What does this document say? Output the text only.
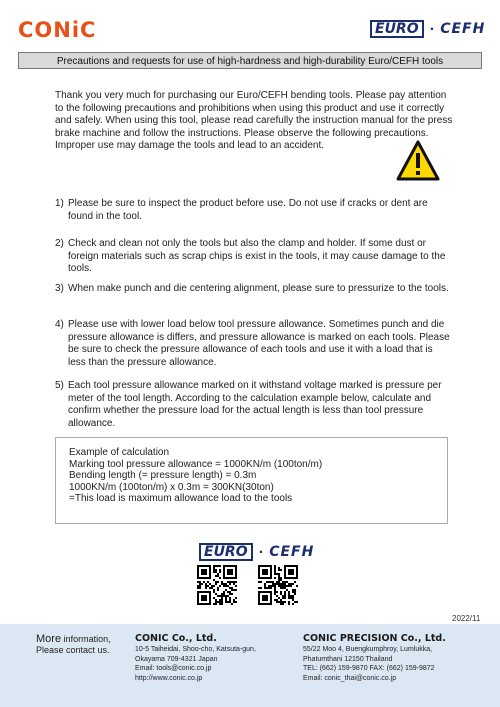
CONiC	EURO · CEFH
Precautions and requests for use of high-hardness and high-durability Euro/CEFH tools
Thank you very much for purchasing our Euro/CEFH bending tools. Please pay attention to the following precautions and prohibitions when using this product and use it correctly and safely. When using this tool, please read carefully the instruction manual for the press brake machine and follow the instructions. Please observe the following precautions. Improper use may damage the tools and lead to an accident.
1) Please be sure to inspect the product before use. Do not use if cracks or dent are found in the tool.
2) Check and clean not only the tools but also the clamp and holder. If some dust or foreign materials such as scrap chips is exist in the tools, it may cause damage to the tools.
3) When make punch and die centering alignment, please sure to pressurize to the tools.
4) Please use with lower load below tool pressure allowance. Sometimes punch and die pressure allowance is differs, and pressure allowance is marked on each tools. Please be sure to check the pressure allowance of each tools and use it with a load that is less than the pressure allowance.
5) Each tool pressure allowance marked on it withstand voltage marked is pressure per meter of the tool length. According to the calculation example below, calculate and confirm whether the pressure load for the actual length is less than tool pressure allowance.
Example of calculation
Marking tool pressure allowance = 1000KN/m (100ton/m)
Bending length (= pressure length) = 0.3m
1000KN/m (100ton/m) x 0.3m = 300KN(30ton)
=This load is maximum allowance load to the tools
EURO · CEFH
2022/11
More information,
Please contact us.
CONIC Co., Ltd.
10-5 Taiheidai, Shoo-cho, Katsuta-gun,
Okayama 709-4321 Japan
Email: tools@conic.co.jp
http://www.conic.co.jp
CONIC PRECISION Co., Ltd.
55/22 Moo 4, Buengkumphroy, Lumlukka,
Phatumthani 12150 Thailand
TEL: (662) 159-9870 FAX: (662) 159-9872
Email: conic_thai@conic.co.jp
